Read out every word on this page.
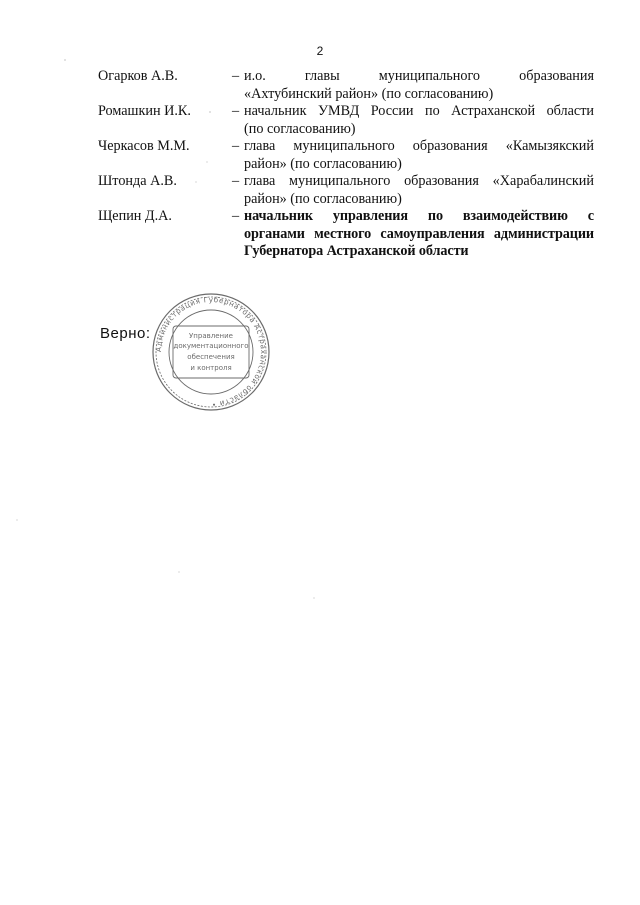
2
Огарков А.В.	– и.о. главы муниципального образования
«Ахтубинский район» (по согласованию)
Ромашкин И.К.	– начальник УМВД России по Астраханской области
(по согласованию)
Черкасов М.М.	– глава муниципального образования «Камызякский
район» (по согласованию)
Штонда А.В.	– глава муниципального образования «Харабалинский
район» (по согласованию)
Щепин Д.А.	– начальник управления по взаимодействию с
органами местного самоуправления администрации Губернатора Астраханской области
Верно:
Администрация Губернатора Астраханской области •
Управление
документационного
обеспечения
и контроля
